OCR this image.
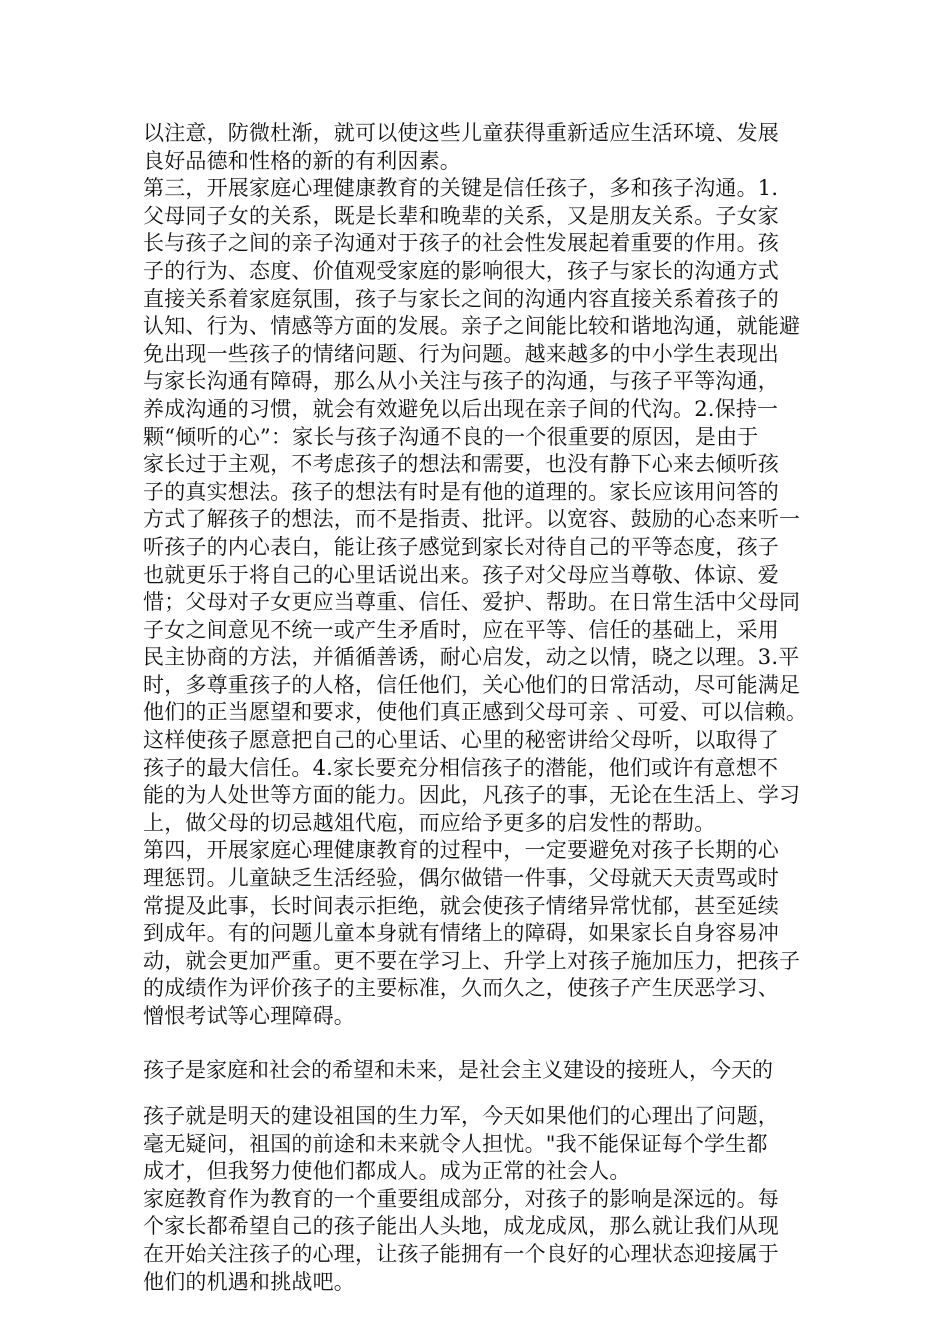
以注意，防微杜渐，就可以使这些儿童获得重新适应生活环境、发展
良好品德和性格的新的有利因素。
第三，开展家庭心理健康教育的关键是信任孩子，多和孩子沟通。1.
父母同子女的关系，既是长辈和晚辈的关系，又是朋友关系。子女家
长与孩子之间的亲子沟通对于孩子的社会性发展起着重要的作用。孩
子的行为、态度、价值观受家庭的影响很大，孩子与家长的沟通方式
直接关系着家庭氛围，孩子与家长之间的沟通内容直接关系着孩子的
认知、行为、情感等方面的发展。亲子之间能比较和谐地沟通，就能避
免出现一些孩子的情绪问题、行为问题。越来越多的中小学生表现出
与家长沟通有障碍，那么从小关注与孩子的沟通，与孩子平等沟通，
养成沟通的习惯，就会有效避免以后出现在亲子间的代沟。2.保持一
颗“倾听的心”：家长与孩子沟通不良的一个很重要的原因，是由于
家长过于主观，不考虑孩子的想法和需要，也没有静下心来去倾听孩
子的真实想法。孩子的想法有时是有他的道理的。家长应该用问答的
方式了解孩子的想法，而不是指责、批评。以宽容、鼓励的心态来听一
听孩子的内心表白，能让孩子感觉到家长对待自己的平等态度，孩子
也就更乐于将自己的心里话说出来。孩子对父母应当尊敬、体谅、爱
惜；父母对子女更应当尊重、信任、爱护、帮助。在日常生活中父母同
子女之间意见不统一或产生矛盾时，应在平等、信任的基础上，采用
民主协商的方法，并循循善诱，耐心启发，动之以情，晓之以理。3.平
时，多尊重孩子的人格，信任他们，关心他们的日常活动，尽可能满足
他们的正当愿望和要求，使他们真正感到父母可亲 、可爱、可以信赖。
这样使孩子愿意把自己的心里话、心里的秘密讲给父母听，以取得了
孩子的最大信任。4.家长要充分相信孩子的潜能，他们或许有意想不
能的为人处世等方面的能力。因此，凡孩子的事，无论在生活上、学习
上，做父母的切忌越俎代庖，而应给予更多的启发性的帮助。
第四，开展家庭心理健康教育的过程中，一定要避免对孩子长期的心
理惩罚。儿童缺乏生活经验，偶尔做错一件事，父母就天天责骂或时
常提及此事，长时间表示拒绝，就会使孩子情绪异常忧郁，甚至延续
到成年。有的问题儿童本身就有情绪上的障碍，如果家长自身容易冲
动，就会更加严重。更不要在学习上、升学上对孩子施加压力，把孩子
的成绩作为评价孩子的主要标准，久而久之，使孩子产生厌恶学习、
憎恨考试等心理障碍。
孩子是家庭和社会的希望和未来，是社会主义建设的接班人，今天的
孩子就是明天的建设祖国的生力军，今天如果他们的心理出了问题，
毫无疑问，祖国的前途和未来就令人担忧。"我不能保证每个学生都
成才，但我努力使他们都成人。成为正常的社会人。
家庭教育作为教育的一个重要组成部分，对孩子的影响是深远的。每
个家长都希望自己的孩子能出人头地，成龙成凤，那么就让我们从现
在开始关注孩子的心理，让孩子能拥有一个良好的心理状态迎接属于
他们的机遇和挑战吧。
